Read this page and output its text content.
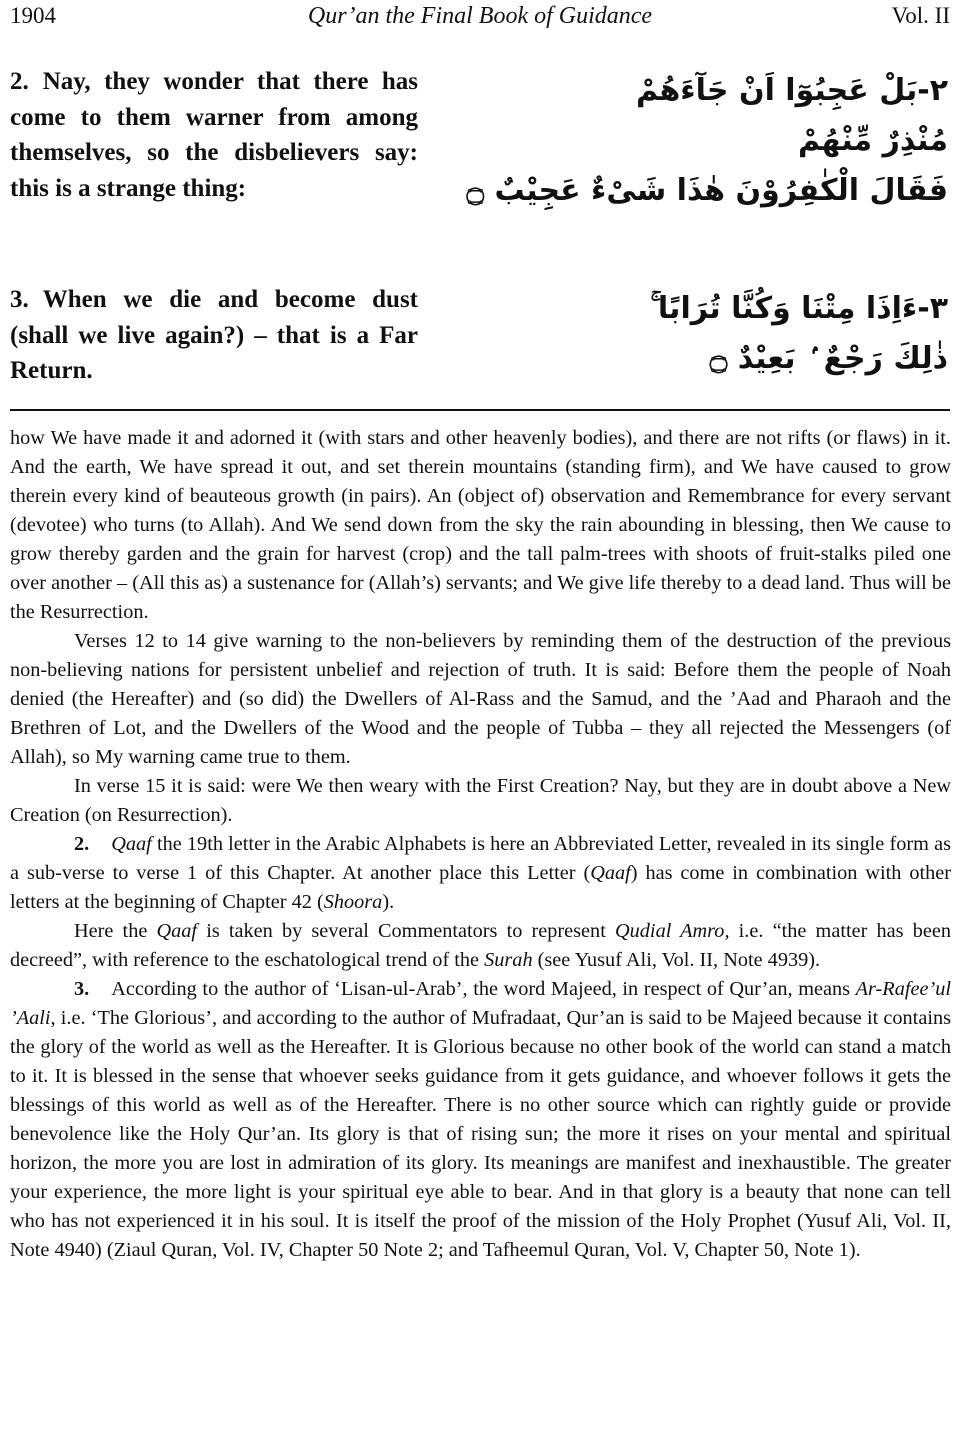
1904	Qur’an the Final Book of Guidance	Vol. II
2. Nay, they wonder that there has come to them warner from among themselves, so the disbelievers say: this is a strange thing:
٢-بَلْ عَجِبُوٓا اَنْ جَآءَهُمْ
مُنْذِرٌ مِّنْهُمْ
فَقَالَ الْكٰفِرُوْنَ هٰذَا شَىْءٌ عَجِيْبٌ ۝
3. When we die and become dust (shall we live again?) – that is a Far Return.
٣-ءَاِذَا مِتْنَا وَكُنَّا تُرَابًا ۚ
ذٰلِكَ رَجْعٌ ۢ بَعِيْدٌ ۝

how We have made it and adorned it (with stars and other heavenly bodies), and there are not rifts (or flaws) in it. And the earth, We have spread it out, and set therein mountains (standing firm), and We have caused to grow therein every kind of beauteous growth (in pairs). An (object of) observation and Remembrance for every servant (devotee) who turns (to Allah). And We send down from the sky the rain abounding in blessing, then We cause to grow thereby garden and the grain for harvest (crop) and the tall palm-trees with shoots of fruit-stalks piled one over another – (All this as) a sustenance for (Allah’s) servants; and We give life thereby to a dead land. Thus will be the Resurrection.

Verses 12 to 14 give warning to the non-believers by reminding them of the destruction of the previous non-believing nations for persistent unbelief and rejection of truth. It is said: Before them the people of Noah denied (the Hereafter) and (so did) the Dwellers of Al-Rass and the Samud, and the ’Aad and Pharaoh and the Brethren of Lot, and the Dwellers of the Wood and the people of Tubba – they all rejected the Messengers (of Allah), so My warning came true to them.

In verse 15 it is said: were We then weary with the First Creation? Nay, but they are in doubt above a New Creation (on Resurrection).

2. Qaaf the 19th letter in the Arabic Alphabets is here an Abbreviated Letter, revealed in its single form as a sub-verse to verse 1 of this Chapter. At another place this Letter (Qaaf) has come in combination with other letters at the beginning of Chapter 42 (Shoora).

Here the Qaaf is taken by several Commentators to represent Qudial Amro, i.e. “the matter has been decreed”, with reference to the eschatological trend of the Surah (see Yusuf Ali, Vol. II, Note 4939).

3. According to the author of ‘Lisan-ul-Arab’, the word Majeed, in respect of Qur’an, means Ar-Rafee’ul ’Aali, i.e. ‘The Glorious’, and according to the author of Mufradaat, Qur’an is said to be Majeed because it contains the glory of the world as well as the Hereafter. It is Glorious because no other book of the world can stand a match to it. It is blessed in the sense that whoever seeks guidance from it gets guidance, and whoever follows it gets the blessings of this world as well as of the Hereafter. There is no other source which can rightly guide or provide benevolence like the Holy Qur’an. Its glory is that of rising sun; the more it rises on your mental and spiritual horizon, the more you are lost in admiration of its glory. Its meanings are manifest and inexhaustible. The greater your experience, the more light is your spiritual eye able to bear. And in that glory is a beauty that none can tell who has not experienced it in his soul. It is itself the proof of the mission of the Holy Prophet (Yusuf Ali, Vol. II, Note 4940) (Ziaul Quran, Vol. IV, Chapter 50 Note 2; and Tafheemul Quran, Vol. V, Chapter 50, Note 1).
